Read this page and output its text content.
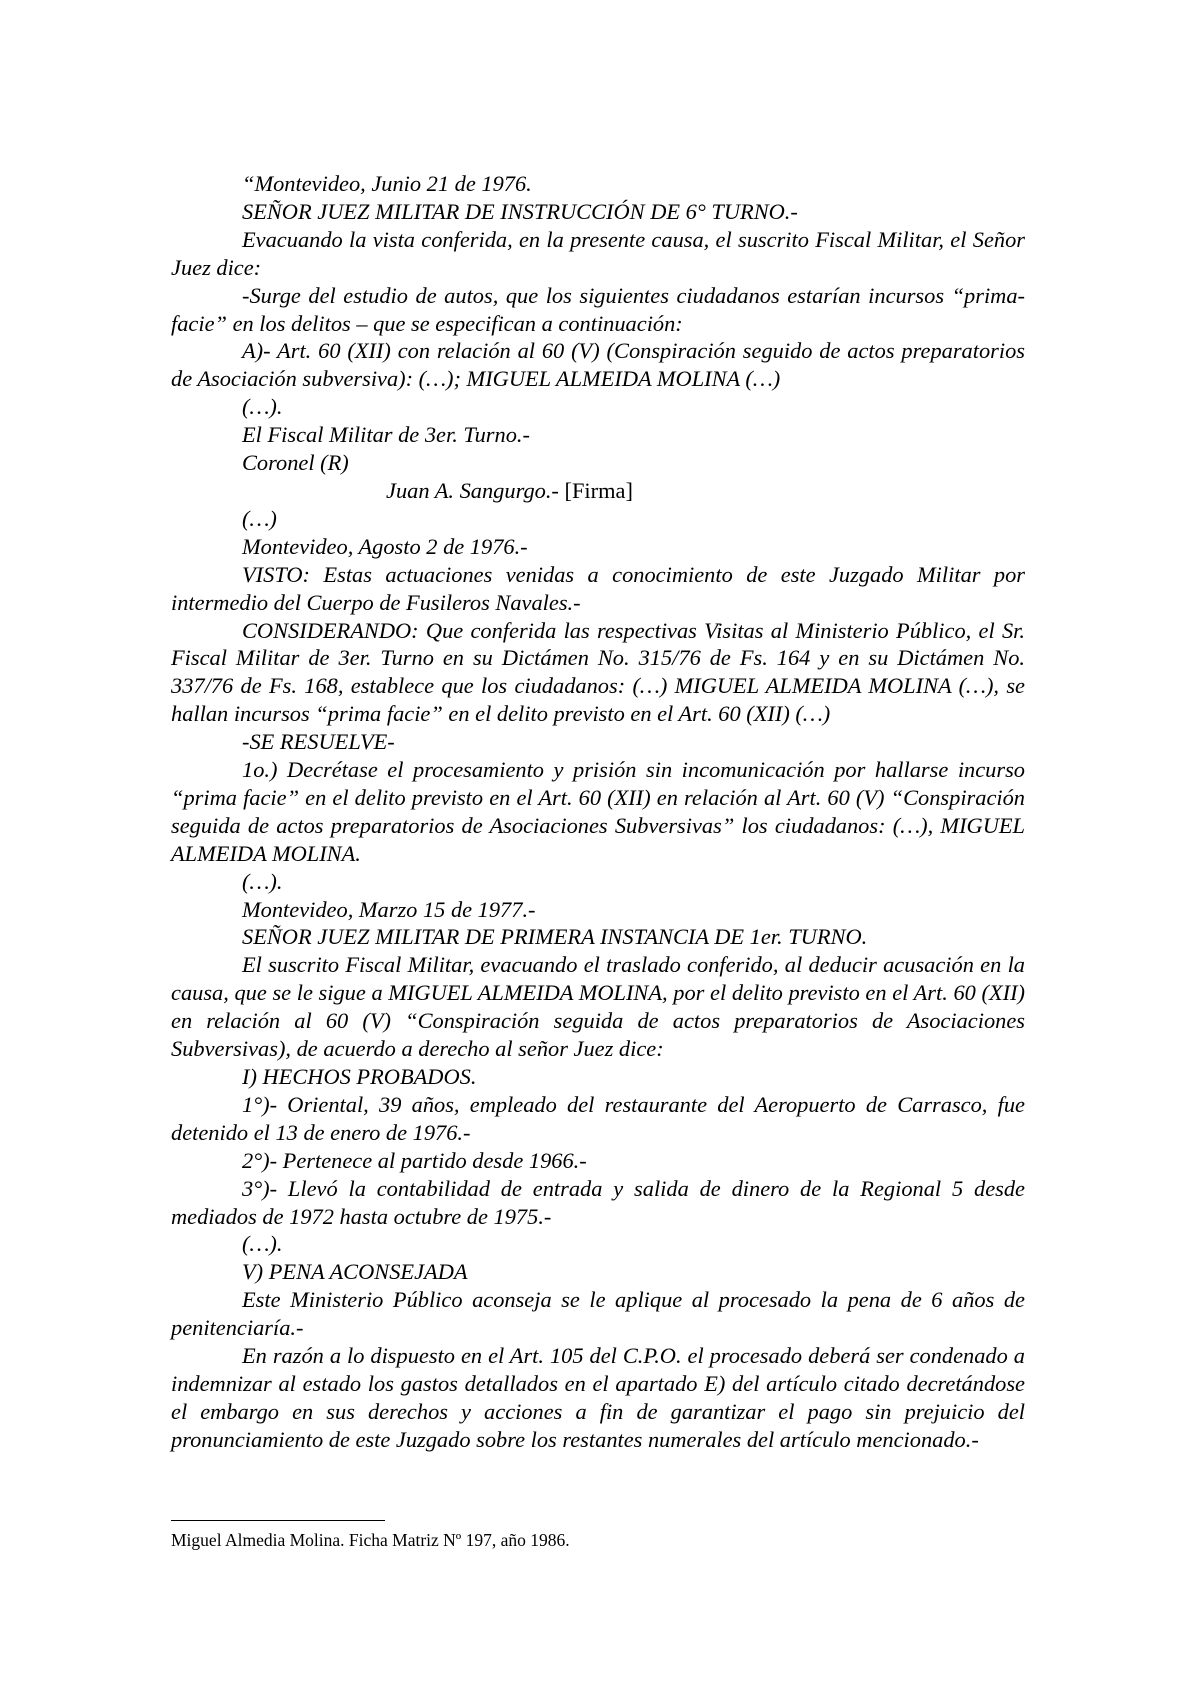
“Montevideo, Junio 21 de 1976.

SEÑOR JUEZ MILITAR DE INSTRUCCIÓN DE 6° TURNO.-

Evacuando la vista conferida, en la presente causa, el suscrito Fiscal Militar, el Señor Juez dice:

-Surge del estudio de autos, que los siguientes ciudadanos estarían incursos “prima-facie” en los delitos – que se especifican a continuación:

A)- Art. 60 (XII) con relación al 60 (V) (Conspiración seguido de actos preparatorios de Asociación subversiva): (…); MIGUEL ALMEIDA MOLINA (…)

(…).

El Fiscal Militar de 3er. Turno.-

Coronel (R)

Juan A. Sangurgo.- [Firma]

(…)

Montevideo, Agosto 2 de 1976.-

VISTO: Estas actuaciones venidas a conocimiento de este Juzgado Militar por intermedio del Cuerpo de Fusileros Navales.-

CONSIDERANDO: Que conferida las respectivas Visitas al Ministerio Público, el Sr. Fiscal Militar de 3er. Turno en su Dictámen No. 315/76 de Fs. 164 y en su Dictámen No. 337/76 de Fs. 168, establece que los ciudadanos: (…) MIGUEL ALMEIDA MOLINA (…), se hallan incursos “prima facie” en el delito previsto en el Art. 60 (XII) (…)

-SE RESUELVE-

1o.) Decrétase el procesamiento y prisión sin incomunicación por hallarse incurso “prima facie” en el delito previsto en el Art. 60 (XII) en relación al Art. 60 (V) “Conspiración seguida de actos preparatorios de Asociaciones Subversivas” los ciudadanos: (…), MIGUEL ALMEIDA MOLINA.

(…).

Montevideo, Marzo 15 de 1977.-

SEÑOR JUEZ MILITAR DE PRIMERA INSTANCIA DE 1er. TURNO.

El suscrito Fiscal Militar, evacuando el traslado conferido, al deducir acusación en la causa, que se le sigue a MIGUEL ALMEIDA MOLINA, por el delito previsto en el Art. 60 (XII) en relación al 60 (V) “Conspiración seguida de actos preparatorios de Asociaciones Subversivas), de acuerdo a derecho al señor Juez dice:

I) HECHOS PROBADOS.

1°)- Oriental, 39 años, empleado del restaurante del Aeropuerto de Carrasco, fue detenido el 13 de enero de 1976.-

2°)- Pertenece al partido desde 1966.-

3°)- Llevó la contabilidad de entrada y salida de dinero de la Regional 5 desde mediados de 1972 hasta octubre de 1975.-

(…).

V) PENA ACONSEJADA

Este Ministerio Público aconseja se le aplique al procesado la pena de 6 años de penitenciaría.-

En razón a lo dispuesto en el Art. 105 del C.P.O. el procesado deberá ser condenado a indemnizar al estado los gastos detallados en el apartado E) del artículo citado decretándose el embargo en sus derechos y acciones a fin de garantizar el pago sin prejuicio del pronunciamiento de este Juzgado sobre los restantes numerales del artículo mencionado.-

Miguel Almedia Molina. Ficha Matriz Nº 197, año 1986.
